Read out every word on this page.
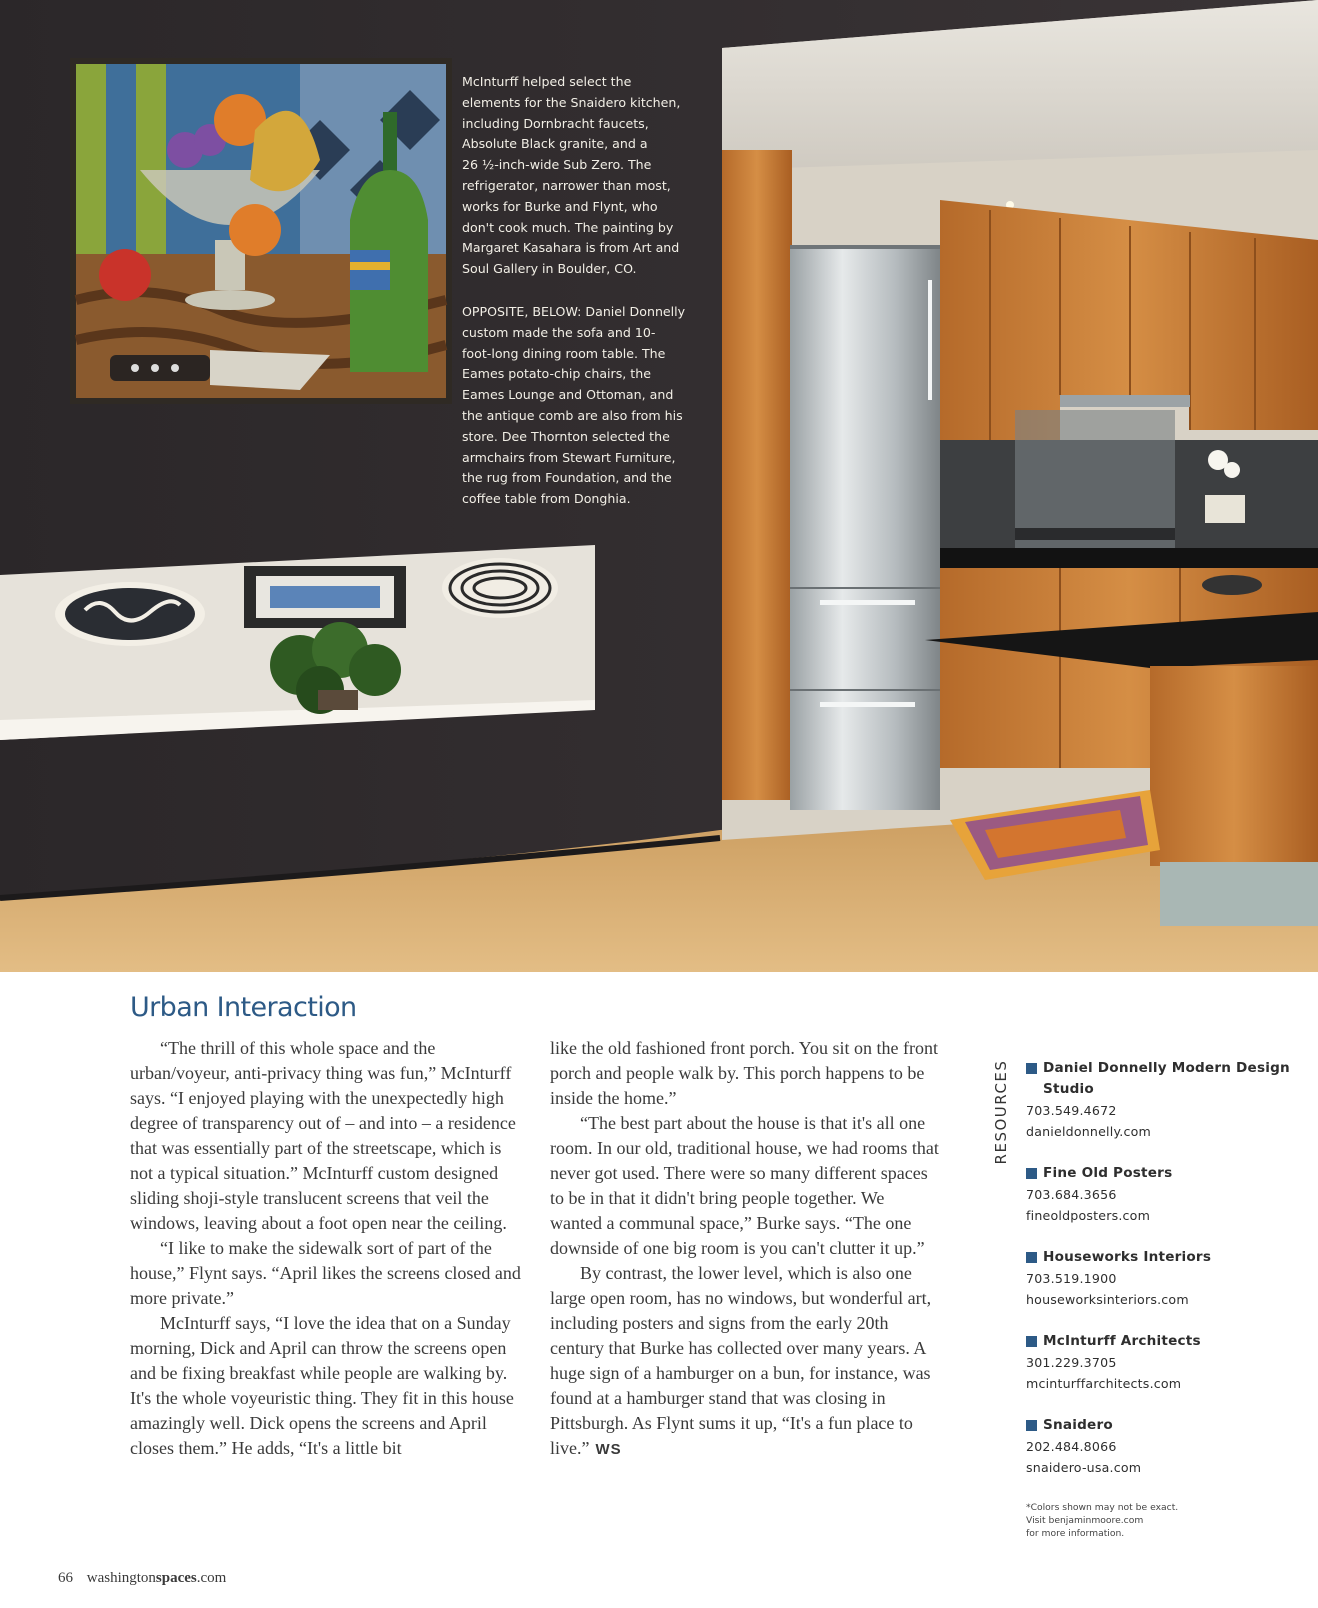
McInturff helped select the

elements for the Snaidero kitchen,

including Dornbracht faucets,

Absolute Black granite, and a

26 ½-inch-wide Sub Zero. The

refrigerator, narrower than most,

works for Burke and Flynt, who

don't cook much. The painting by

Margaret Kasahara is from Art and

Soul Gallery in Boulder, CO.

OPPOSITE, BELOW: Daniel Donnelly

custom made the sofa and 10-

foot-long dining room table. The

Eames potato-chip chairs, the

Eames Lounge and Ottoman, and

the antique comb are also from his

store. Dee Thornton selected the

armchairs from Stewart Furniture,

the rug from Foundation, and the

coffee table from Donghia.

Urban Interaction

“The thrill of this whole space and the urban/voyeur, anti-privacy thing was fun,” McInturff says. “I enjoyed playing with the unexpectedly high degree of transparency out of – and into – a residence that was essentially part of the streetscape, which is not a typical situation.” McInturff custom designed sliding shoji-style translucent screens that veil the windows, leaving about a foot open near the ceiling.

“I like to make the sidewalk sort of part of the house,” Flynt says. “April likes the screens closed and more private.”

McInturff says, “I love the idea that on a Sunday morning, Dick and April can throw the screens open and be fixing breakfast while people are walking by. It's the whole voyeuristic thing. They fit in this house amazingly well. Dick opens the screens and April closes them.” He adds, “It's a little bit

like the old fashioned front porch. You sit on the front porch and people walk by. This porch happens to be inside the home.”

“The best part about the house is that it's all one room. In our old, traditional house, we had rooms that never got used. There were so many different spaces to be in that it didn't bring people together. We wanted a communal space,” Burke says. “The one downside of one big room is you can't clutter it up.”

By contrast, the lower level, which is also one large open room, has no windows, but wonderful art, including posters and signs from the early 20th century that Burke has collected over many years. A huge sign of a hamburger on a bun, for instance, was found at a hamburger stand that was closing in Pittsburgh. As Flynt sums it up, “It's a fun place to live.” WS

RESOURCES Daniel Donnelly Modern Design Studio
703.549.4672
danieldonnelly.com
Fine Old Posters
703.684.3656
fineoldposters.com
Houseworks Interiors
703.519.1900
houseworksinteriors.com
McInturff Architects
301.229.3705
mcinturffarchitects.com
Snaidero
202.484.8066
snaidero-usa.com
*Colors shown may not be exact.
Visit benjaminmoore.com
for more information.
66 washingtonspaces.com
